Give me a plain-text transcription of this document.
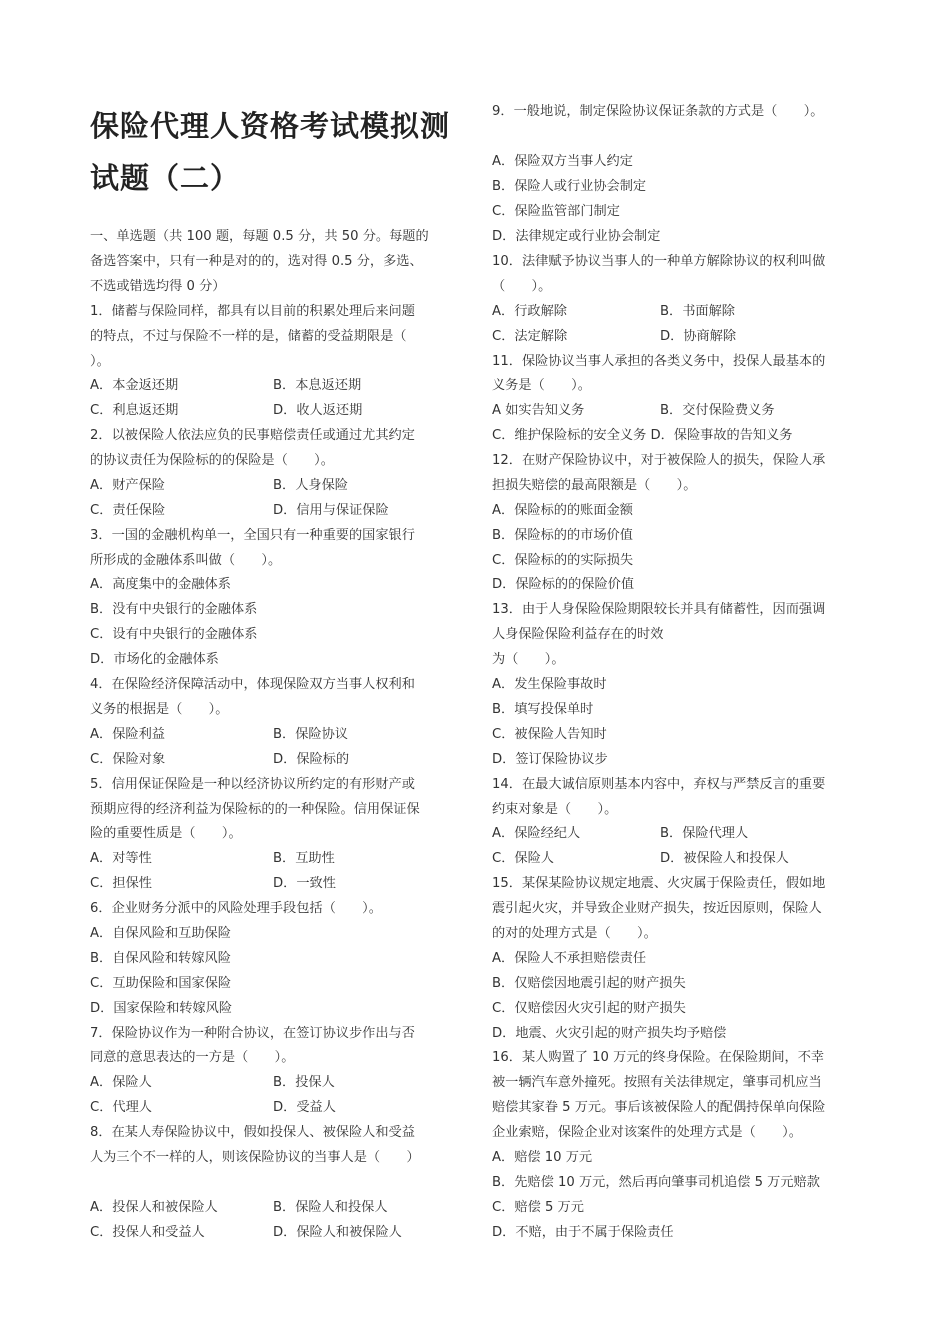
保险代理人资格考试模拟测
试题（二）
一、单选题（共 100 题，每题 0.5 分，共 50 分。每题的
备选答案中，只有一种是对的的，选对得 0.5 分，多选、
不选或错选均得 0 分）
1．储蓄与保险同样，都具有以目前的积累处理后来问题
的特点，不过与保险不一样的是，储蓄的受益期限是（
）。
A．本金返还期	B．本息返还期
C．利息返还期	D．收人返还期
2．以被保险人依法应负的民事赔偿责任或通过尤其约定
的协议责任为保险标的的保险是（　　）。
A．财产保险	B．人身保险
C．责任保险	D．信用与保证保险
3．一国的金融机构单一，全国只有一种重要的国家银行
所形成的金融体系叫做（　　）。
A．高度集中的金融体系
B．没有中央银行的金融体系
C．设有中央银行的金融体系
D．市场化的金融体系
4．在保险经济保障活动中，体现保险双方当事人权利和
义务的根据是（　　）。
A．保险利益	B．保险协议
C．保险对象	D．保险标的
5．信用保证保险是一种以经济协议所约定的有形财产或
预期应得的经济利益为保险标的的一种保险。信用保证保
险的重要性质是（　　）。
A．对等性	B．互助性
C．担保性	D．一致性
6．企业财务分派中的风险处理手段包括（　　）。
A．自保风险和互助保险
B．自保风险和转嫁风险
C．互助保险和国家保险
D．国家保险和转嫁风险
7．保险协议作为一种附合协议，在签订协议步作出与否
同意的意思表达的一方是（　　）。
A．保险人	B．投保人
C．代理人	D．受益人
8．在某人寿保险协议中，假如投保人、被保险人和受益
人为三个不一样的人，则该保险协议的当事人是（　　）
A．投保人和被保险人	B．保险人和投保人
C．投保人和受益人	D．保险人和被保险人
9．一般地说，制定保险协议保证条款的方式是（　　）。
A．保险双方当事人约定
B．保险人或行业协会制定
C．保险监管部门制定
D．法律规定或行业协会制定
10．法律赋予协议当事人的一种单方解除协议的权利叫做
（　　）。
A．行政解除	B．书面解除
C．法定解除	D．协商解除
11．保险协议当事人承担的各类义务中，投保人最基本的
义务是（　　）。
A 如实告知义务	B．交付保险费义务
C．维护保险标的安全义务 D．保险事故的告知义务
12．在财产保险协议中，对于被保险人的损失，保险人承
担损失赔偿的最高限额是（　　）。
A．保险标的的账面金额
B．保险标的的市场价值
C．保险标的的实际损失
D．保险标的的保险价值
13．由于人身保险保险期限较长并具有储蓄性，因而强调
人身保险保险利益存在的时效
为（　　）。
A．发生保险事故时
B．填写投保单时
C．被保险人告知时
D．签订保险协议步
14．在最大诚信原则基本内容中，弃权与严禁反言的重要
约束对象是（　　）。
A．保险经纪人	B．保险代理人
C．保险人	D．被保险人和投保人
15．某保某险协议规定地震、火灾属于保险责任，假如地
震引起火灾，并导致企业财产损失，按近因原则，保险人
的对的处理方式是（　　）。
A．保险人不承担赔偿责任
B．仅赔偿因地震引起的财产损失
C．仅赔偿因火灾引起的财产损失
D．地震、火灾引起的财产损失均予赔偿
16．某人购置了 10 万元的终身保险。在保险期间，不幸
被一辆汽车意外撞死。按照有关法律规定，肇事司机应当
赔偿其家眷 5 万元。事后该被保险人的配偶持保单向保险
企业索赔，保险企业对该案件的处理方式是（　　）。
A．赔偿 10 万元
B．先赔偿 10 万元，然后再向肇事司机追偿 5 万元赔款
C．赔偿 5 万元
D．不赔，由于不属于保险责任
